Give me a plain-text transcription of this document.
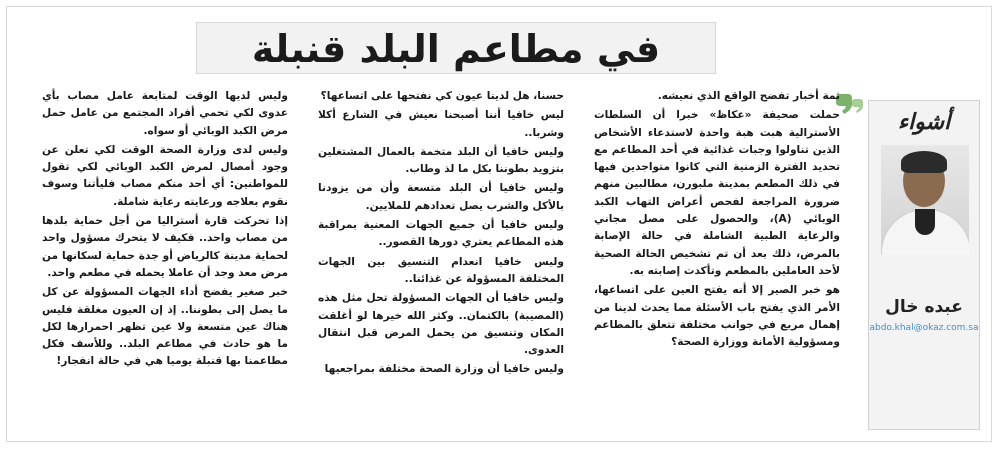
في مطاعم البلد قنبلة
أشواء
عبده خال
abdo.khal@okaz.com.sa

ثمة أخبار تفضح الواقع الذي نعيشه.

حملت صحيفة «عكاظ» خبرا أن السلطات الأسترالية هبت هبة واحدة لاستدعاء الأشخاص الذين تناولوا وجبات غذائية في أحد المطاعم مع تحديد الفترة الزمنية التي كانوا متواجدين فيها في ذلك المطعم بمدينة ملبورن، مطالبين منهم ضرورة المراجعة لفحص أعراض التهاب الكبد الوبائي (A)، والحصول على مصل مجاني والرعاية الطبية الشاملة في حالة الإصابة بالمرض، ذلك بعد أن تم تشخيص الحالة الصحية لأحد العاملين بالمطعم وتأكدت إصابته به.

هو خبر الصير إلا أنه يفتح العين على اتساعها، الأمر الذي يفتح باب الأسئلة مما يحدث لدينا من إهمال مريع في جوانب مختلفة تتعلق بالمطاعم ومسؤولية الأمانة ووزارة الصحة؟

حسنا، هل لدينا عيون كي نفتحها على اتساعها؟

ليس خافيا أننا أصبحنا نعيش في الشارع أكلا وشربا..

وليس خافيا أن البلد متخمة بالعمال المشتغلين بتزويد بطوننا بكل ما لذ وطاب.

وليس خافيا أن البلد متسعة وأن من يزودنا بالأكل والشرب يصل تعدادهم للملايين.

وليس خافيا أن جميع الجهات المعنية بمراقبة هذه المطاعم يعتري دورها القصور..

وليس خافيا انعدام التنسيق بين الجهات المختلفة المسؤولة عن غذائنا..

وليس خافيا أن الجهات المسؤولة تحل مثل هذه (المصيبة) بالكتمان.. وكثر الله خيرها لو أغلقت المكان وتنسيق من يحمل المرض قبل انتقال العدوى.

وليس خافيا أن وزارة الصحة مختلفة بمراجعيها

وليس لديها الوقت لمتابعة عامل مصاب بأي عدوى لكي تحمي أفراد المجتمع من عامل حمل مرض الكبد الوبائي أو سواه.

وليس لدى وزارة الصحة الوقت لكي تعلن عن وجود أمصال لمرض الكبد الوبائي لكي تقول للمواطنين: أي أحد منكم مصاب فليأتنا وسوف نقوم بعلاجه ورعايته رعاية شاملة.

إذا تحركت قارة أستراليا من أجل حماية بلدها من مصاب واحد.. فكيف لا يتحرك مسؤول واحد لحماية مدينة كالرياض أو جدة حماية لسكانها من مرض معد وجد أن عاملا يحمله في مطعم واحد.

خبر صغير يفضح أداء الجهات المسؤولة عن كل ما يصل إلى بطوننا.. إذ إن العيون مغلقة فليس هناك عين متسعة ولا عين تظهر احمرارها لكل ما هو حادث في مطاعم البلد.. وللأسف فكل مطاعمنا بها قنبلة يوميا هي في حالة انفجار!
